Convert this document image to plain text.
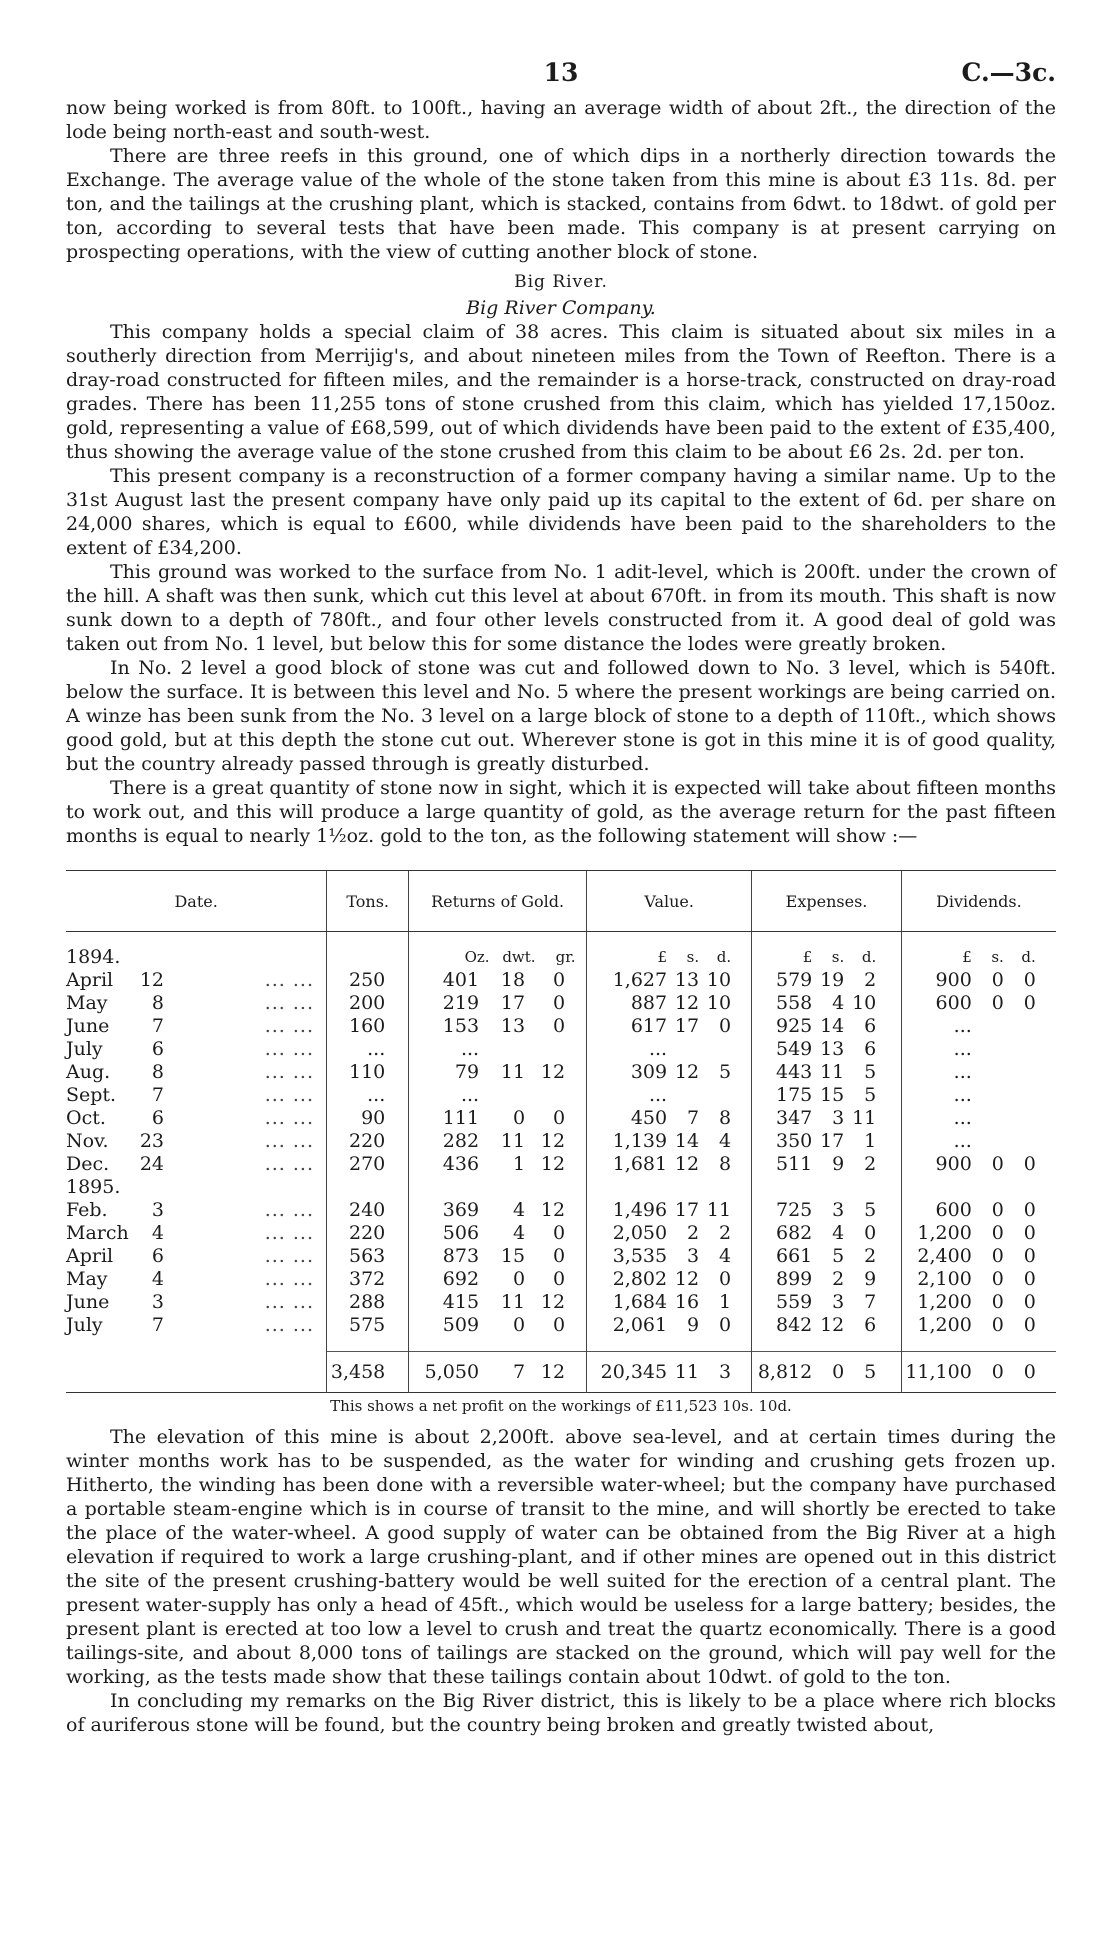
13	C.—3c.

now being worked is from 80ft. to 100ft., having an average width of about 2ft., the direction of the lode being north-east and south-west.

There are three reefs in this ground, one of which dips in a northerly direction towards the Exchange. The average value of the whole of the stone taken from this mine is about £3 11s. 8d. per ton, and the tailings at the crushing plant, which is stacked, contains from 6dwt. to 18dwt. of gold per ton, according to several tests that have been made. This company is at present carrying on prospecting operations, with the view of cutting another block of stone.

Big River.
Big River Company.

This company holds a special claim of 38 acres. This claim is situated about six miles in a southerly direction from Merrijig's, and about nineteen miles from the Town of Reefton. There is a dray-road constructed for fifteen miles, and the remainder is a horse-track, constructed on dray-road grades. There has been 11,255 tons of stone crushed from this claim, which has yielded 17,150oz. gold, representing a value of £68,599, out of which dividends have been paid to the extent of £35,400, thus showing the average value of the stone crushed from this claim to be about £6 2s. 2d. per ton.

This present company is a reconstruction of a former company having a similar name. Up to the 31st August last the present company have only paid up its capital to the extent of 6d. per share on 24,000 shares, which is equal to £600, while dividends have been paid to the shareholders to the extent of £34,200.

This ground was worked to the surface from No. 1 adit-level, which is 200ft. under the crown of the hill. A shaft was then sunk, which cut this level at about 670ft. in from its mouth. This shaft is now sunk down to a depth of 780ft., and four other levels constructed from it. A good deal of gold was taken out from No. 1 level, but below this for some distance the lodes were greatly broken.

In No. 2 level a good block of stone was cut and followed down to No. 3 level, which is 540ft. below the surface. It is between this level and No. 5 where the present workings are being carried on. A winze has been sunk from the No. 3 level on a large block of stone to a depth of 110ft., which shows good gold, but at this depth the stone cut out. Wherever stone is got in this mine it is of good quality, but the country already passed through is greatly disturbed.

There is a great quantity of stone now in sight, which it is expected will take about fifteen months to work out, and this will produce a large quantity of gold, as the average return for the past fifteen months is equal to nearly 1½oz. gold to the ton, as the following statement will show :—

Date.	Tons.	Returns of Gold.	Value.	Expenses.	Dividends.

1894.		Oz. dwt. gr.	£ s. d.	£ s. d.	£ s. d.
April 12 ... ...	250	401 18 0	1,627 13 10	579 19 2	900 0 0
May 8 ... ...	200	219 17 0	887 12 10	558 4 10	600 0 0
June 7 ... ...	160	153 13 0	617 17 0	925 14 6	...
July 6 ... ...	...	...	...	549 13 6	...
Aug. 8 ... ...	110	79 11 12	309 12 5	443 11 5	...
Sept. 7 ... ...	...	...	...	175 15 5	...
Oct. 6 ... ...	90	111 0 0	450 7 8	347 3 11	...
Nov. 23 ... ...	220	282 11 12	1,139 14 4	350 17 1	...
Dec. 24 ... ...	270	436 1 12	1,681 12 8	511 9 2	900 0 0
1895.					
Feb. 3 ... ...	240	369 4 12	1,496 17 11	725 3 5	600 0 0
March 4 ... ...	220	506 4 0	2,050 2 2	682 4 0	1,200 0 0
April 6 ... ...	563	873 15 0	3,535 3 4	661 5 2	2,400 0 0
May 4 ... ...	372	692 0 0	2,802 12 0	899 2 9	2,100 0 0
June 3 ... ...	288	415 11 12	1,684 16 1	559 3 7	1,200 0 0
July 7 ... ...	575	509 0 0	2,061 9 0	842 12 6	1,200 0 0

	3,458	5,050 7 12	20,345 11 3	8,812 0 5	11,100 0 0

This shows a net profit on the workings of £11,523 10s. 10d.

The elevation of this mine is about 2,200ft. above sea-level, and at certain times during the winter months work has to be suspended, as the water for winding and crushing gets frozen up. Hitherto, the winding has been done with a reversible water-wheel; but the company have purchased a portable steam-engine which is in course of transit to the mine, and will shortly be erected to take the place of the water-wheel. A good supply of water can be obtained from the Big River at a high elevation if required to work a large crushing-plant, and if other mines are opened out in this district the site of the present crushing-battery would be well suited for the erection of a central plant. The present water-supply has only a head of 45ft., which would be useless for a large battery; besides, the present plant is erected at too low a level to crush and treat the quartz economically. There is a good tailings-site, and about 8,000 tons of tailings are stacked on the ground, which will pay well for the working, as the tests made show that these tailings contain about 10dwt. of gold to the ton.

In concluding my remarks on the Big River district, this is likely to be a place where rich blocks of auriferous stone will be found, but the country being broken and greatly twisted about,
